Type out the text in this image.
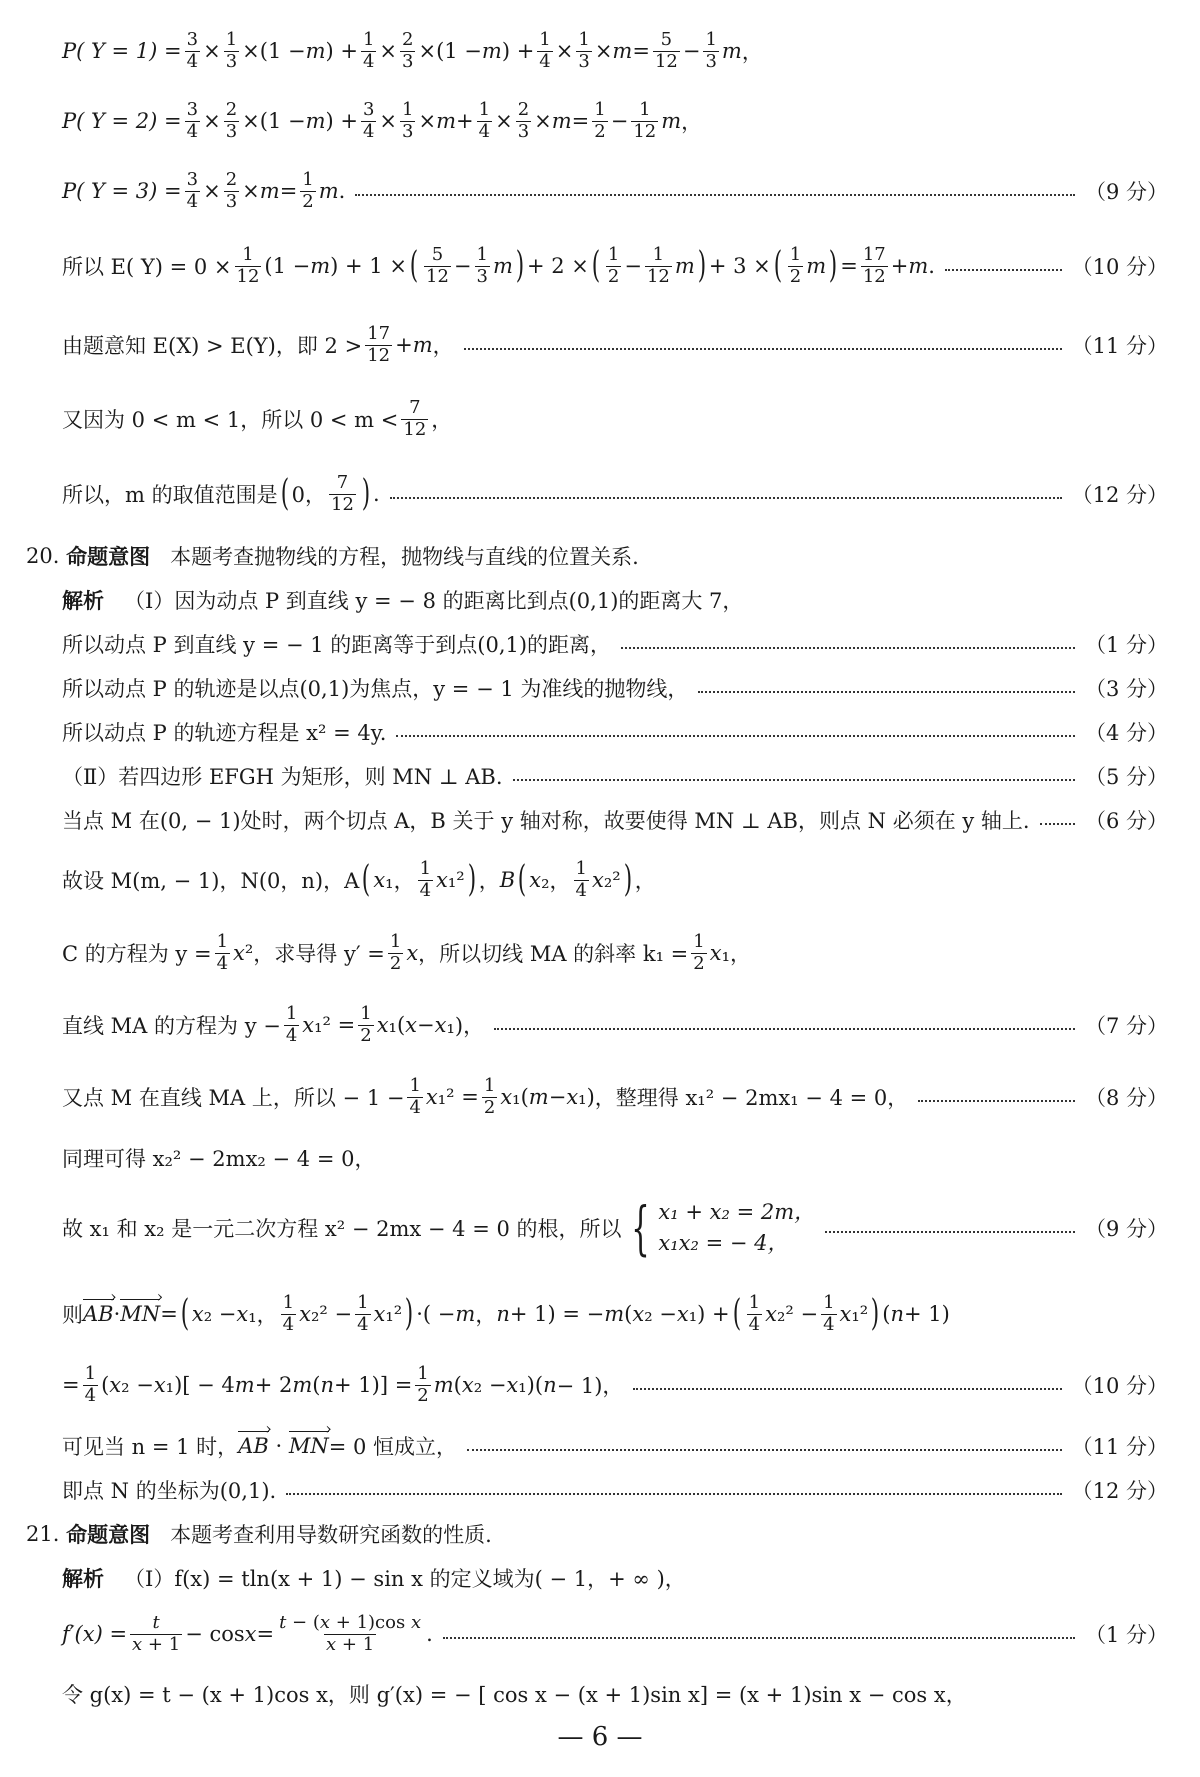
P( $Y = 1) = \frac{3}{4} \times \frac{1}{3} \times(1 - m$ ) + $\frac{1}{4} \times \frac{2}{3} \times(1 - m$ ) + $\frac{1}{4} \times \frac{1}{3} \times m = \frac{5}{12} - \frac{1}{3}$ m ，
P( $Y = 2) = \frac{3}{4} \times \frac{2}{3} \times(1 - m$ ) + $\frac{3}{4} \times \frac{1}{3} \times m + \frac{1}{4} \times \frac{2}{3} \times m = \frac{1}{2} - \frac{1}{12}$ m ，
P( $Y = 3) = \frac{3}{4} \times \frac{2}{3} \times m = \frac{1}{2}$ m .	（9 分）
所以 E( $Y) = 0 \times \frac{1}{12} (1 - m$ ) + 1 × ( $\frac{5}{12} - \frac{1}{3}$ m ) + 2 × ( $\frac{1}{2} - \frac{1}{12}$ m ) + 3 × ( $\frac{1}{2}$ m ) = $\frac{17}{12} + m$ .	（10 分）
由题意知 E(X) > E(Y)，即 $2 > \frac{17}{12} + m$ ，	（11 分）
又因为 0 < m < 1，所以 $0 < m < \frac{7}{12}$ ，
所以，m 的取值范围是 ( 0， $\frac{7}{12}$ ) .	（12 分）
20.
命题意图
本题考查抛物线的方程，抛物线与直线的位置关系.
解析
（Ⅰ）因为动点 P 到直线 y = − 8 的距离比到点(0,1)的距离大 7，
所以动点 P 到直线 y = − 1 的距离等于到点(0,1)的距离，	（1 分）
所以动点 P 的轨迹是以点(0,1)为焦点，y = − 1 为准线的抛物线，	（3 分）
所以动点 P 的轨迹方程是 x² = 4y.	（4 分）
（Ⅱ）若四边形 EFGH 为矩形，则 MN ⊥ AB.	（5 分）
当点 M 在(0, − 1)处时，两个切点 A，B 关于 y 轴对称，故要使得 MN ⊥ AB，则点 N 必须在 y 轴上.	（6 分）
故设 M(m, − 1)，N(0，n)，A ( x ₁， $\frac{1}{4}$ x ₁² ) ， B ( x ₂， $\frac{1}{4}$ x ₂² ) ，
C 的方程为 $y = \frac{1}{4}$ x ² ，求导得 $y' = \frac{1}{2}$ x ，所以切线 MA 的斜率 $k_1 = \frac{1}{2}$ x ₁，
直线 MA 的方程为 $y - \frac{1}{4}$ x $_1^2 = \frac{1}{2}$ x ₁( x − x ₁)，	（7 分）
又点 M 在直线 MA 上，所以 − $1 - \frac{1}{4}$ x $_1^2 = \frac{1}{2}$ x ₁( m − x ₁) ，整理得 x₁² − 2mx₁ − 4 = 0，	（8 分）
同理可得 x₂² − 2mx₂ − 4 = 0，
故 x₁ 和 x₂ 是一元二次方程 x² − 2mx − 4 = 0 的根，所以 { x₁ + x₂ = 2m，
x₁x₂ = − 4，
（9 分）
则 › AB · › MN = ( x ₂ − x ₁， $\frac{1}{4}$ x $_2^2 - \frac{1}{4}$ x ₁² ) ·( − m ， n + 1) = − m ( x ₂ − x ₁) + ( $\frac{1}{4}$ x $_2^2 - \frac{1}{4}$ x ₁² ) ( n + 1)
= $\frac{1}{4}$ ( x ₂ − x ₁)[ − 4 m + 2 m ( $n + 1)] = \frac{1}{2}$ m ( x ₂ − x ₁)( n − 1)，	（10 分）
可见当 n = 1 时， › AB · › MN = 0 恒成立，	（11 分）
即点 N 的坐标为(0,1).	（12 分）
21.
命题意图
本题考查利用导数研究函数的性质.
解析
（Ⅰ）f(x) = tln(x + 1) − sin x 的定义域为( − 1，+ ∞ )，
$f'(x) = \frac{t}{x + 1} - \cos x = \frac{\text{t − (x + 1)cos x}}{x + 1}$ .	（1 分）
令 g(x) = t − (x + 1)cos x，则 g′(x) = − [ cos x − (x + 1)sin x] = (x + 1)sin x − cos x，
— 6 —
